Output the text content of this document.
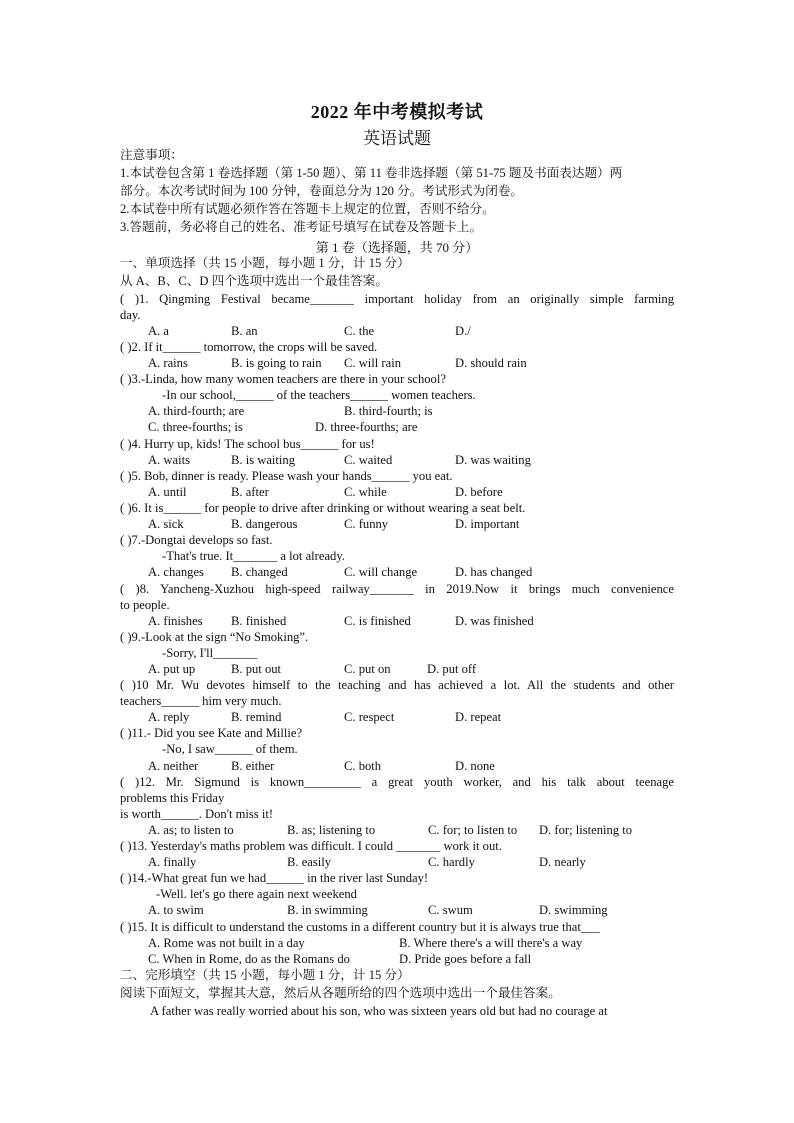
2022 年中考模拟考试
英语试题
注意事项：
1.本试卷包含第 1 卷选择题（第 1-50 题）、第 11 卷非选择题（第 51-75 题及书面表达题）两
部分。本次考试时间为 100 分钟，卷面总分为 120 分。考试形式为闭卷。
2.本试卷中所有试题必须作答在答题卡上规定的位置，否则不给分。
3.答题前，务必将自己的姓名、准考证号填写在试卷及答题卡上。
第 1 卷（选择题，共 70 分）
一、单项选择（共 15 小题，每小题 1 分，计 15 分）
从 A、B、C、D 四个选项中选出一个最佳答案。
( )1. Qingming Festival became_______ important holiday from an originally simple farming
day.
A. a	B. an	C. the	D./
( )2. If it______ tomorrow, the crops will be saved.
A. rains	B. is going to rain C. will rain	D. should rain
( )3.-Linda, how many women teachers are there in your school?
-In our school,______ of the teachers______ women teachers.
A. third-fourth; are	B. third-fourth; is
C. three-fourths; is	D. three-fourths; are
( )4. Hurry up, kids! The school bus______ for us!
A. waits	B. is waiting	C. waited	D. was waiting
( )5. Bob, dinner is ready. Please wash your hands______ you eat.
A. until	B. after	C. while	D. before
( )6. It is______ for people to drive after drinking or without wearing a seat belt.
A. sick	B. dangerous	C. funny	D. important
( )7.-Dongtai develops so fast.
-That's true. It_______ a lot already.
A. changes B. changed	C. will change	D. has changed
( )8. Yancheng-Xuzhou high-speed railway_______ in 2019.Now it brings much convenience
to people.
A. finishes B. finished	C. is finished	D. was finished
( )9.-Look at the sign “No Smoking”.
-Sorry, I'll_______
A. put up	B. put out	C. put on	D. put off
( )10 Mr. Wu devotes himself to the teaching and has achieved a lot. All the students and other
teachers______ him very much.
A. reply	B. remind	C. respect	D. repeat
( )11.- Did you see Kate and Millie?
-No, I saw______ of them.
A. neither	B. either	C. both	D. none
( )12. Mr. Sigmund is known_________ a great youth worker, and his talk about teenage
problems this Friday
is worth______. Don't miss it!
A. as; to listen to	B. as; listening to	C. for; to listen to D. for; listening to
( )13. Yesterday's maths problem was difficult. I could _______ work it out.
A. finally	B. easily	C. hardly	D. nearly
( )14.-What great fun we had______ in the river last Sunday!
-Well. let's go there again next weekend
A. to swim	B. in swimming	C. swum	D. swimming
( )15. It is difficult to understand the customs in a different country but it is always true that___
A. Rome was not built in a day	B. Where there's a will there's a way
C. When in Rome, do as the Romans do	D. Pride goes before a fall
二、完形填空（共 15 小题，每小题 1 分，计 15 分）
阅读下面短文，掌握其大意，然后从各题所给的四个选项中选出一个最佳答案。
A father was really worried about his son, who was sixteen years old but had no courage at
